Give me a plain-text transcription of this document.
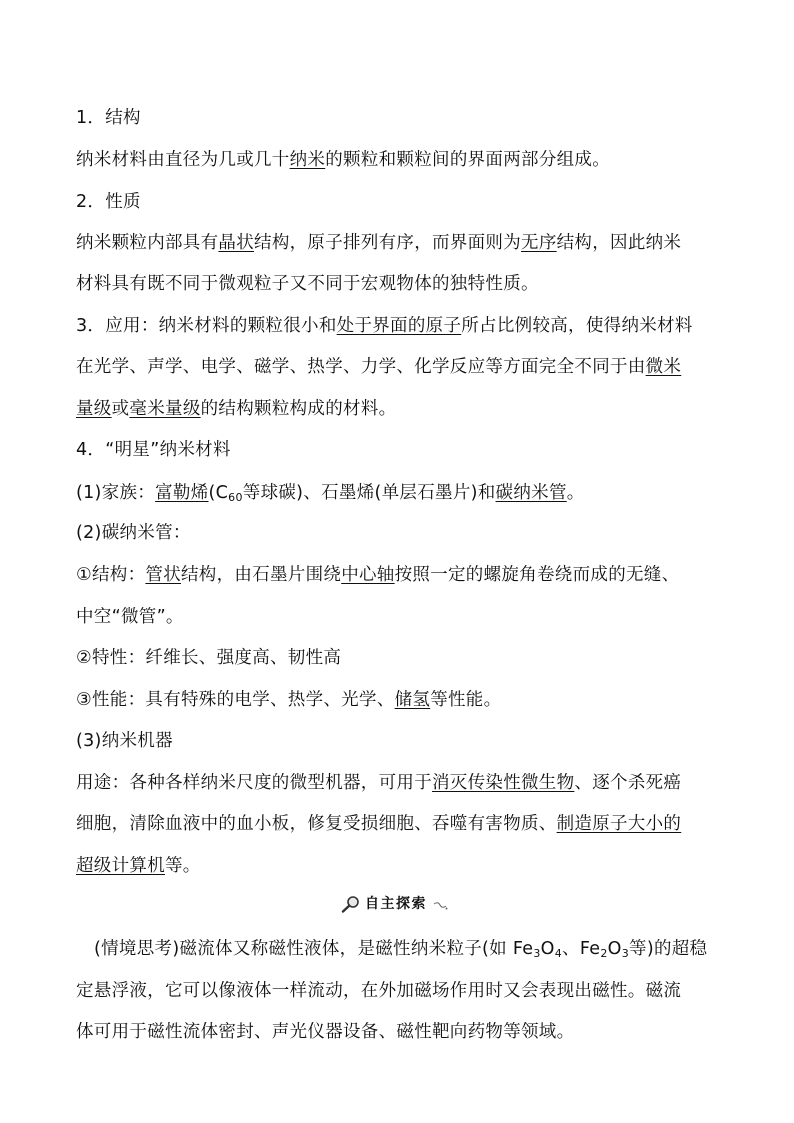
1．结构
纳米材料由直径为几或几十纳米的颗粒和颗粒间的界面两部分组成。
2．性质
纳米颗粒内部具有晶状结构，原子排列有序，而界面则为无序结构，因此纳米
材料具有既不同于微观粒子又不同于宏观物体的独特性质。
3．应用：纳米材料的颗粒很小和处于界面的原子所占比例较高，使得纳米材料
在光学、声学、电学、磁学、热学、力学、化学反应等方面完全不同于由微米
量级或毫米量级的结构颗粒构成的材料。
4．“明星”纳米材料
(1)家族：富勒烯($C_{60}$等球碳)、石墨烯(单层石墨片)和碳纳米管。
(2)碳纳米管：
①结构：管状结构，由石墨片围绕中心轴按照一定的螺旋角卷绕而成的无缝、
中空“微管”。
②特性：纤维长、强度高、韧性高
③性能：具有特殊的电学、热学、光学、储氢等性能。
(3)纳米机器
用途：各种各样纳米尺度的微型机器，可用于消灭传染性微生物、逐个杀死癌
细胞，清除血液中的血小板，修复受损细胞、吞噬有害物质、制造原子大小的
超级计算机等。
自主探索
(情境思考)磁流体又称磁性液体，是磁性纳米粒子(如 $Fe_3O_4$、$Fe_2O_3$等)的超稳
定悬浮液，它可以像液体一样流动，在外加磁场作用时又会表现出磁性。磁流
体可用于磁性流体密封、声光仪器设备、磁性靶向药物等领域。
